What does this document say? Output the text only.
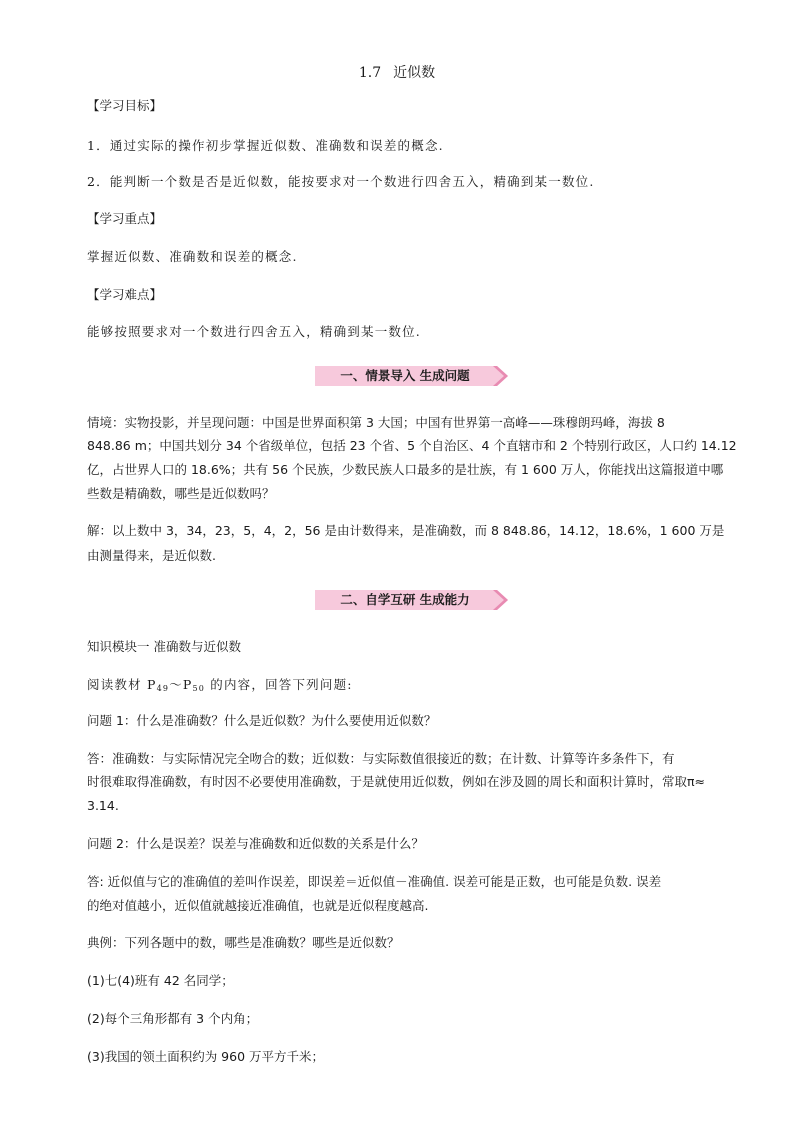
1.7 近似数
【学习目标】
1．通过实际的操作初步掌握近似数、准确数和误差的概念.
2．能判断一个数是否是近似数，能按要求对一个数进行四舍五入，精确到某一数位.
【学习重点】
掌握近似数、准确数和误差的概念.
【学习难点】
能够按照要求对一个数进行四舍五入，精确到某一数位.
一、情景导入 生成问题
情境：实物投影，并呈现问题：中国是世界面积第 3 大国；中国有世界第一高峰——珠穆朗玛峰，海拔 8
848.86 m；中国共划分 34 个省级单位，包括 23 个省、5 个自治区、4 个直辖市和 2 个特别行政区，人口约 14.12
亿，占世界人口的 18.6%；共有 56 个民族，少数民族人口最多的是壮族，有 1 600 万人，你能找出这篇报道中哪
些数是精确数，哪些是近似数吗？
解：以上数中 3，34，23，5，4，2，56 是由计数得来，是准确数，而 8 848.86，14.12，18.6%，1 600 万是
由测量得来，是近似数.
二、自学互研 生成能力
知识模块一 准确数与近似数
阅读教材 $P_{49}\sim P_{50}$ 的内容，回答下列问题:
问题 1：什么是准确数？什么是近似数？为什么要使用近似数？
答：准确数：与实际情况完全吻合的数；近似数：与实际数值很接近的数；在计数、计算等许多条件下，有
时很难取得准确数，有时因不必要使用准确数，于是就使用近似数，例如在涉及圆的周长和面积计算时，常取π≈
3.14.
问题 2：什么是误差？误差与准确数和近似数的关系是什么？
答: 近似值与它的准确值的差叫作误差，即误差＝近似值－准确值. 误差可能是正数，也可能是负数. 误差
的绝对值越小，近似值就越接近准确值，也就是近似程度越高.
典例：下列各题中的数，哪些是准确数？哪些是近似数？
(1)七(4)班有 42 名同学；
(2)每个三角形都有 3 个内角；
(3)我国的领土面积约为 960 万平方千米；
